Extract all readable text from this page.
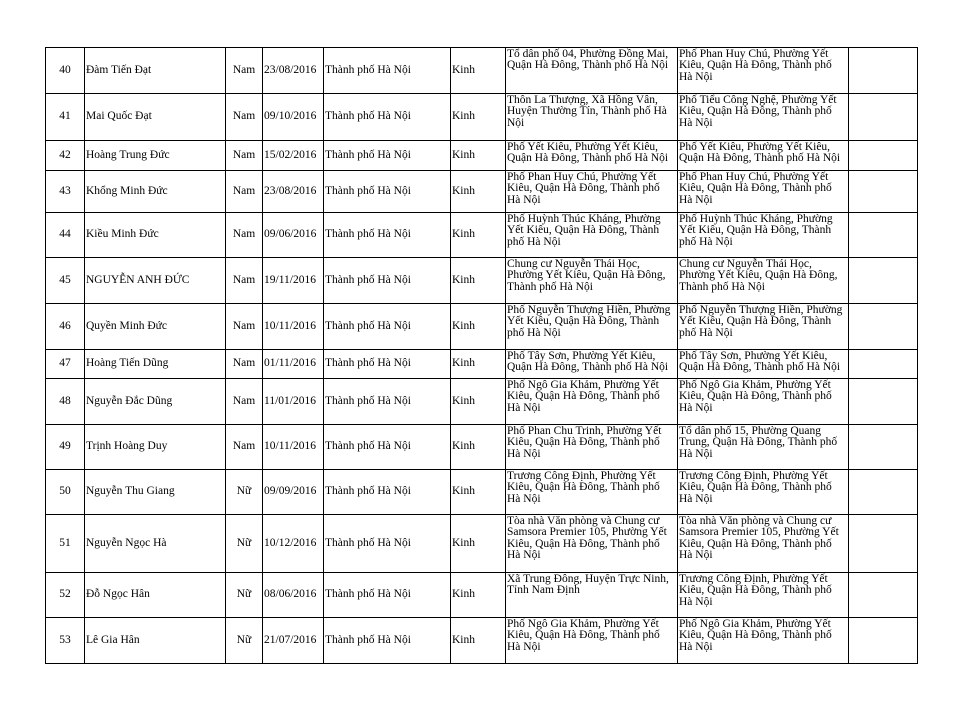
40	Đàm Tiến Đạt	Nam	23/08/2016	Thành phố Hà Nội	Kinh	Tổ dân phố 04, Phường Đồng Mai, Quận Hà Đông, Thành phố Hà Nội	Phố Phan Huy Chú, Phường Yết Kiêu, Quận Hà Đông, Thành phố Hà Nội	
41	Mai Quốc Đạt	Nam	09/10/2016	Thành phố Hà Nội	Kinh	Thôn La Thượng, Xã Hồng Vân, Huyện Thường Tín, Thành phố Hà Nội	Phố Tiểu Công Nghệ, Phường Yết Kiêu, Quận Hà Đông, Thành phố Hà Nội	
42	Hoàng Trung Đức	Nam	15/02/2016	Thành phố Hà Nội	Kinh	Phố Yết Kiêu, Phường Yết Kiêu, Quận Hà Đông, Thành phố Hà Nội	Phố Yết Kiêu, Phường Yết Kiêu, Quận Hà Đông, Thành phố Hà Nội	
43	Khổng Minh Đức	Nam	23/08/2016	Thành phố Hà Nội	Kinh	Phố Phan Huy Chú, Phường Yết Kiêu, Quận Hà Đông, Thành phố Hà Nội	Phố Phan Huy Chú, Phường Yết Kiêu, Quận Hà Đông, Thành phố Hà Nội	
44	Kiều Minh Đức	Nam	09/06/2016	Thành phố Hà Nội	Kinh	Phố Huỳnh Thúc Kháng, Phường Yết Kiêu, Quận Hà Đông, Thành phố Hà Nội	Phố Huỳnh Thúc Kháng, Phường Yết Kiêu, Quận Hà Đông, Thành phố Hà Nội	
45	NGUYỄN ANH ĐỨC	Nam	19/11/2016	Thành phố Hà Nội	Kinh	Chung cư Nguyễn Thái Học, Phường Yết Kiêu, Quận Hà Đông, Thành phố Hà Nội	Chung cư Nguyễn Thái Học, Phường Yết Kiêu, Quận Hà Đông, Thành phố Hà Nội	
46	Quyền Minh Đức	Nam	10/11/2016	Thành phố Hà Nội	Kinh	Phố Nguyễn Thượng Hiền, Phường Yết Kiêu, Quận Hà Đông, Thành phố Hà Nội	Phố Nguyễn Thượng Hiền, Phường Yết Kiêu, Quận Hà Đông, Thành phố Hà Nội	
47	Hoàng Tiến Dũng	Nam	01/11/2016	Thành phố Hà Nội	Kinh	Phố Tây Sơn, Phường Yết Kiêu, Quận Hà Đông, Thành phố Hà Nội	Phố Tây Sơn, Phường Yết Kiêu, Quận Hà Đông, Thành phố Hà Nội	
48	Nguyễn Đắc Dũng	Nam	11/01/2016	Thành phố Hà Nội	Kinh	Phố Ngô Gia Khảm, Phường Yết Kiêu, Quận Hà Đông, Thành phố Hà Nội	Phố Ngô Gia Khảm, Phường Yết Kiêu, Quận Hà Đông, Thành phố Hà Nội	
49	Trịnh Hoàng Duy	Nam	10/11/2016	Thành phố Hà Nội	Kinh	Phố Phan Chu Trinh, Phường Yết Kiêu, Quận Hà Đông, Thành phố Hà Nội	Tổ dân phố 15, Phường Quang Trung, Quận Hà Đông, Thành phố Hà Nội	
50	Nguyễn Thu Giang	Nữ	09/09/2016	Thành phố Hà Nội	Kinh	Trương Công Định, Phường Yết Kiêu, Quận Hà Đông, Thành phố Hà Nội	Trương Công Định, Phường Yết Kiêu, Quận Hà Đông, Thành phố Hà Nội	
51	Nguyễn Ngọc Hà	Nữ	10/12/2016	Thành phố Hà Nội	Kinh	Tòa nhà Văn phòng và Chung cư Samsora Premier 105, Phường Yết Kiêu, Quận Hà Đông, Thành phố Hà Nội	Tòa nhà Văn phòng và Chung cư Samsora Premier 105, Phường Yết Kiêu, Quận Hà Đông, Thành phố Hà Nội	
52	Đỗ Ngọc Hân	Nữ	08/06/2016	Thành phố Hà Nội	Kinh	Xã Trung Đông, Huyện Trực Ninh, Tỉnh Nam Định	Trương Công Định, Phường Yết Kiêu, Quận Hà Đông, Thành phố Hà Nội	
53	Lê Gia Hân	Nữ	21/07/2016	Thành phố Hà Nội	Kinh	Phố Ngô Gia Khảm, Phường Yết Kiêu, Quận Hà Đông, Thành phố Hà Nội	Phố Ngô Gia Khảm, Phường Yết Kiêu, Quận Hà Đông, Thành phố Hà Nội	
